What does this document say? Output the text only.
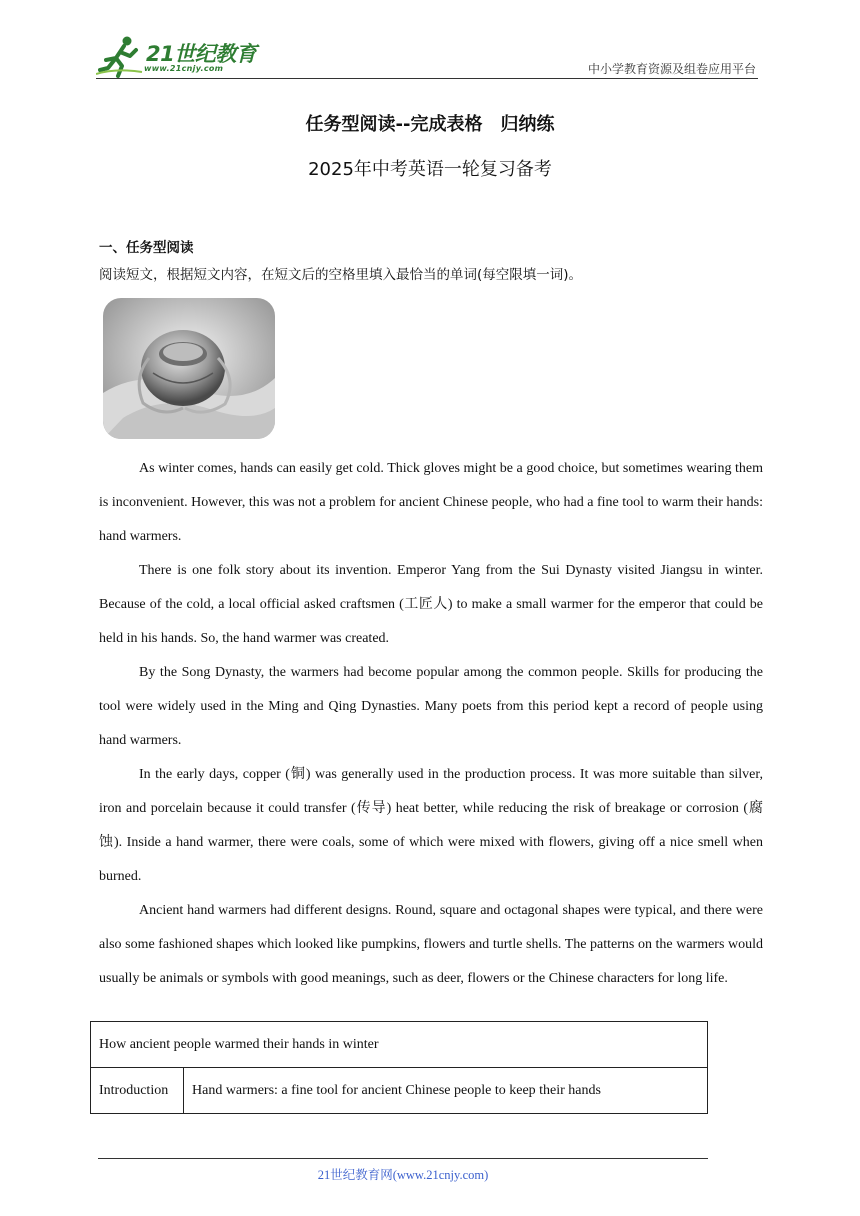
21世纪教育
www.21cnjy.com	中小学教育资源及组卷应用平台
任务型阅读--完成表格　归纳练
2025年中考英语一轮复习备考
一、任务型阅读
阅读短文，根据短文内容，在短文后的空格里填入最恰当的单词(每空限填一词)。

As winter comes, hands can easily get cold. Thick gloves might be a good choice, but sometimes wearing them is inconvenient. However, this was not a problem for ancient Chinese people, who had a fine tool to warm their hands: hand warmers.

There is one folk story about its invention. Emperor Yang from the Sui Dynasty visited Jiangsu in winter. Because of the cold, a local official asked craftsmen (工匠人) to make a small warmer for the emperor that could be held in his hands. So, the hand warmer was created.

By the Song Dynasty, the warmers had become popular among the common people. Skills for producing the tool were widely used in the Ming and Qing Dynasties. Many poets from this period kept a record of people using hand warmers.

In the early days, copper (铜) was generally used in the production process. It was more suitable than silver, iron and porcelain because it could transfer (传导) heat better, while reducing the risk of breakage or corrosion (腐蚀). Inside a hand warmer, there were coals, some of which were mixed with flowers, giving off a nice smell when burned.

Ancient hand warmers had different designs. Round, square and octagonal shapes were typical, and there were also some fashioned shapes which looked like pumpkins, flowers and turtle shells. The patterns on the warmers would usually be animals or symbols with good meanings, such as deer, flowers or the Chinese characters for long life.

How ancient people warmed their hands in winter
Introduction	Hand warmers: a fine tool for ancient Chinese people to keep their hands
21世纪教育网(www.21cnjy.com)
